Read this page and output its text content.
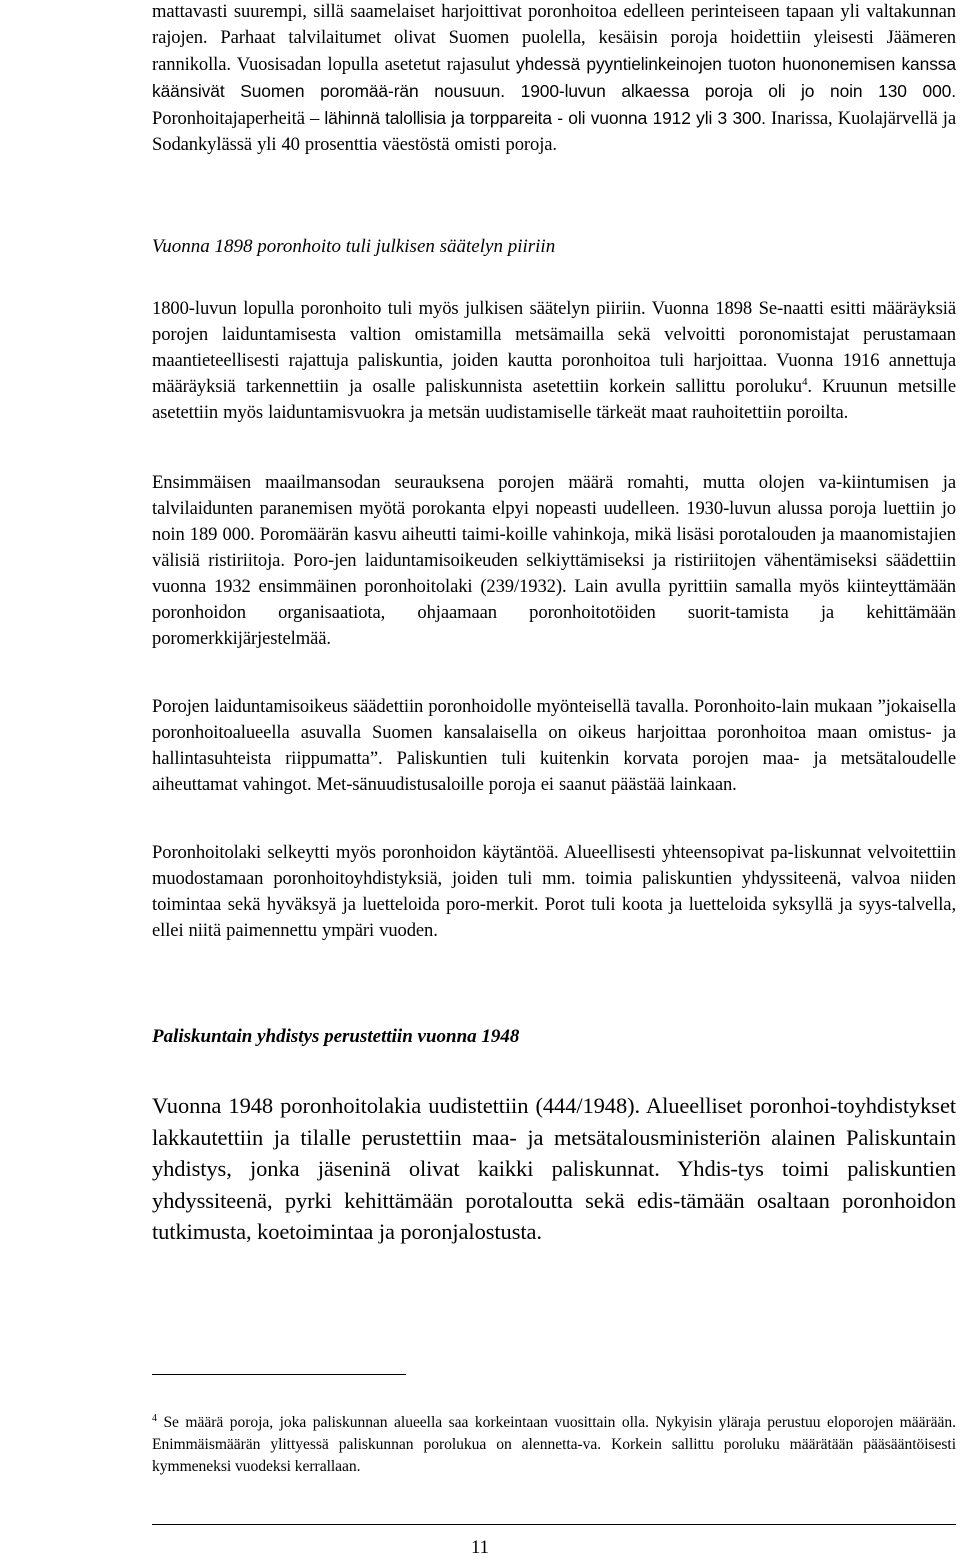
mattavasti suurempi, sillä saamelaiset harjoittivat poronhoitoa edelleen perinteiseen tapaan yli valtakunnan rajojen. Parhaat talvilaitumet olivat Suomen puolella, kesäisin poroja hoidettiin yleisesti Jäämeren rannikolla. Vuosisadan lopulla asetetut rajasulut yhdessä pyyntielinkeinojen tuoton huononemisen kanssa käänsivät Suomen poromää-rän nousuun. 1900-luvun alkaessa poroja oli jo noin 130 000. Poronhoitajaperheitä – lähinnä talollisia ja torppareita - oli vuonna 1912 yli 3 300. Inarissa, Kuolajärvellä ja Sodankylässä yli 40 prosenttia väestöstä omisti poroja.

Vuonna 1898 poronhoito tuli julkisen säätelyn piiriin

1800-luvun lopulla poronhoito tuli myös julkisen säätelyn piiriin. Vuonna 1898 Se-naatti esitti määräyksiä porojen laiduntamisesta valtion omistamilla metsämailla sekä velvoitti poronomistajat perustamaan maantieteellisesti rajattuja paliskuntia, joiden kautta poronhoitoa tuli harjoittaa. Vuonna 1916 annettuja määräyksiä tarkennettiin ja osalle paliskunnista asetettiin korkein sallittu poroluku$^4$. Kruunun metsille asetettiin myös laiduntamisvuokra ja metsän uudistamiselle tärkeät maat rauhoitettiin poroilta.

Ensimmäisen maailmansodan seurauksena porojen määrä romahti, mutta olojen va-kiintumisen ja talvilaidunten paranemisen myötä porokanta elpyi nopeasti uudelleen. 1930-luvun alussa poroja luettiin jo noin 189 000. Poromäärän kasvu aiheutti taimi-koille vahinkoja, mikä lisäsi porotalouden ja maanomistajien välisiä ristiriitoja. Poro-jen laiduntamisoikeuden selkiyttämiseksi ja ristiriitojen vähentämiseksi säädettiin vuonna 1932 ensimmäinen poronhoitolaki (239/1932). Lain avulla pyrittiin samalla myös kiinteyttämään poronhoidon organisaatiota, ohjaamaan poronhoitotöiden suorit-tamista ja kehittämään poromerkkijärjestelmää.

Porojen laiduntamisoikeus säädettiin poronhoidolle myönteisellä tavalla. Poronhoito-lain mukaan ”jokaisella poronhoitoalueella asuvalla Suomen kansalaisella on oikeus harjoittaa poronhoitoa maan omistus- ja hallintasuhteista riippumatta”. Paliskuntien tuli kuitenkin korvata porojen maa- ja metsätaloudelle aiheuttamat vahingot. Met-sänuudistusaloille poroja ei saanut päästää lainkaan.

Poronhoitolaki selkeytti myös poronhoidon käytäntöä. Alueellisesti yhteensopivat pa-liskunnat velvoitettiin muodostamaan poronhoitoyhdistyksiä, joiden tuli mm. toimia paliskuntien yhdyssiteenä, valvoa niiden toimintaa sekä hyväksyä ja luetteloida poro-merkit. Porot tuli koota ja luetteloida syksyllä ja syys-talvella, ellei niitä paimennettu ympäri vuoden.

Paliskuntain yhdistys perustettiin vuonna 1948

Vuonna 1948 poronhoitolakia uudistettiin (444/1948). Alueelliset poronhoi-toyhdistykset lakkautettiin ja tilalle perustettiin maa- ja metsätalousministeriön alainen Paliskuntain yhdistys, jonka jäseninä olivat kaikki paliskunnat. Yhdis-tys toimi paliskuntien yhdyssiteenä, pyrki kehittämään porotaloutta sekä edis-tämään osaltaan poronhoidon tutkimusta, koetoimintaa ja poronjalostusta.

$^4$ Se määrä poroja, joka paliskunnan alueella saa korkeintaan vuosittain olla. Nykyisin yläraja perustuu eloporojen määrään. Enimmäismäärän ylittyessä paliskunnan porolukua on alennetta-va. Korkein sallittu poroluku määrätään pääsääntöisesti kymmeneksi vuodeksi kerrallaan.

11
